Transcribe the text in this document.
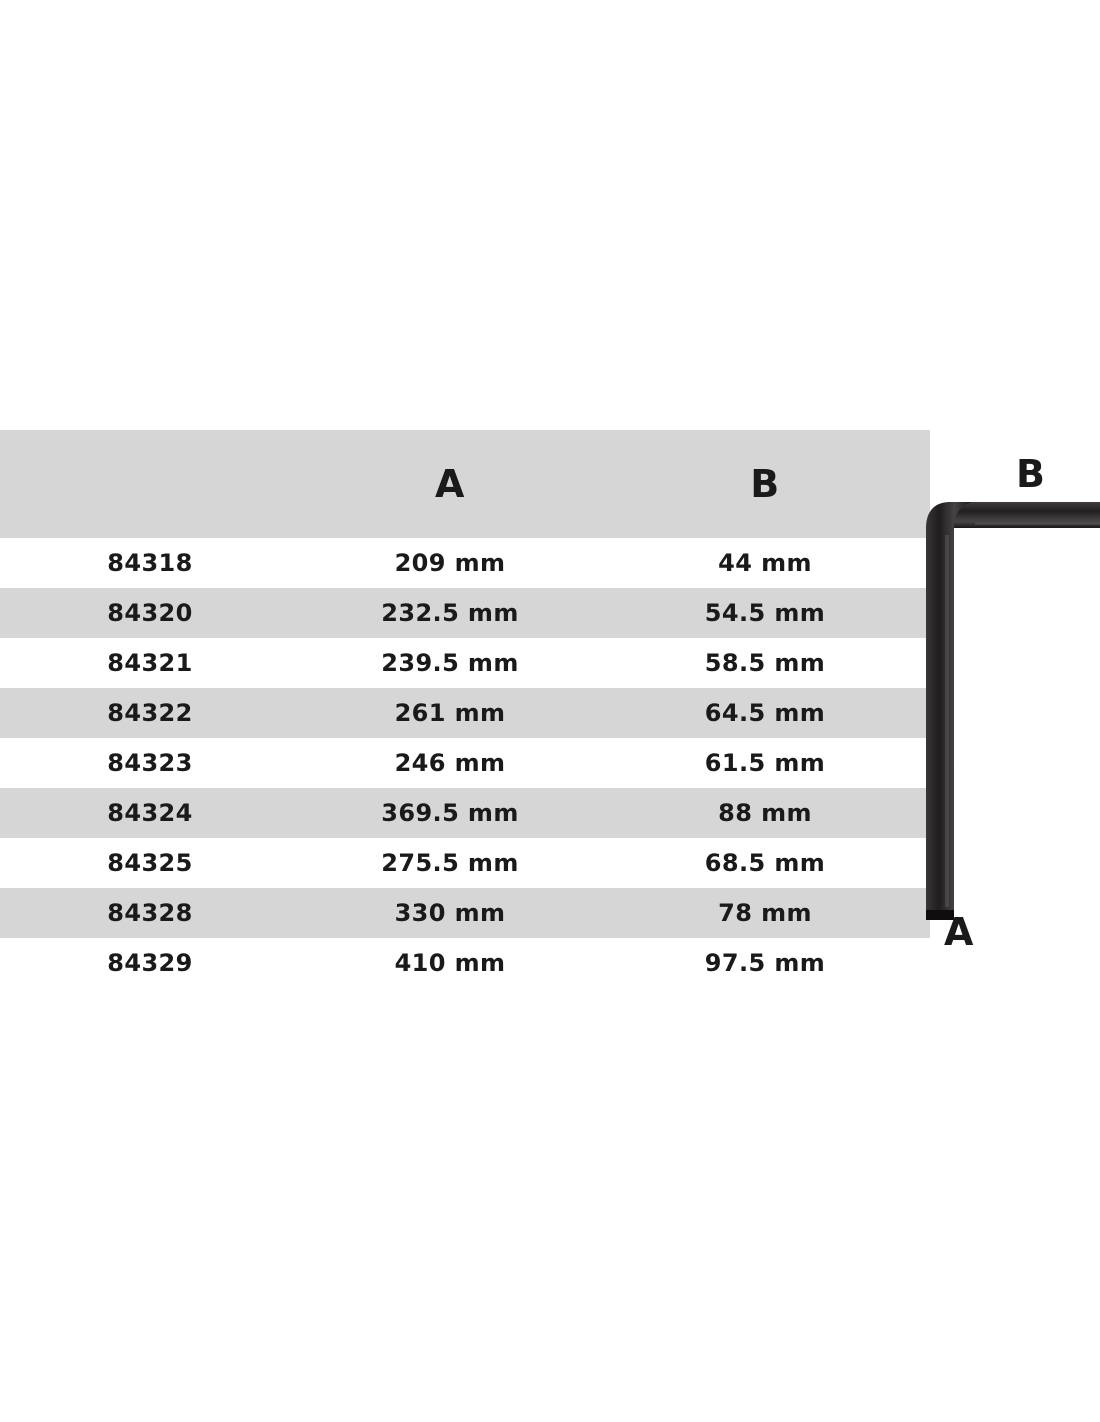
	A	B
84318	209 mm	44 mm
84320	232.5 mm	54.5 mm
84321	239.5 mm	58.5 mm
84322	261 mm	64.5 mm
84323	246 mm	61.5 mm
84324	369.5 mm	88 mm
84325	275.5 mm	68.5 mm
84328	330 mm	78 mm
84329	410 mm	97.5 mm
B
A
